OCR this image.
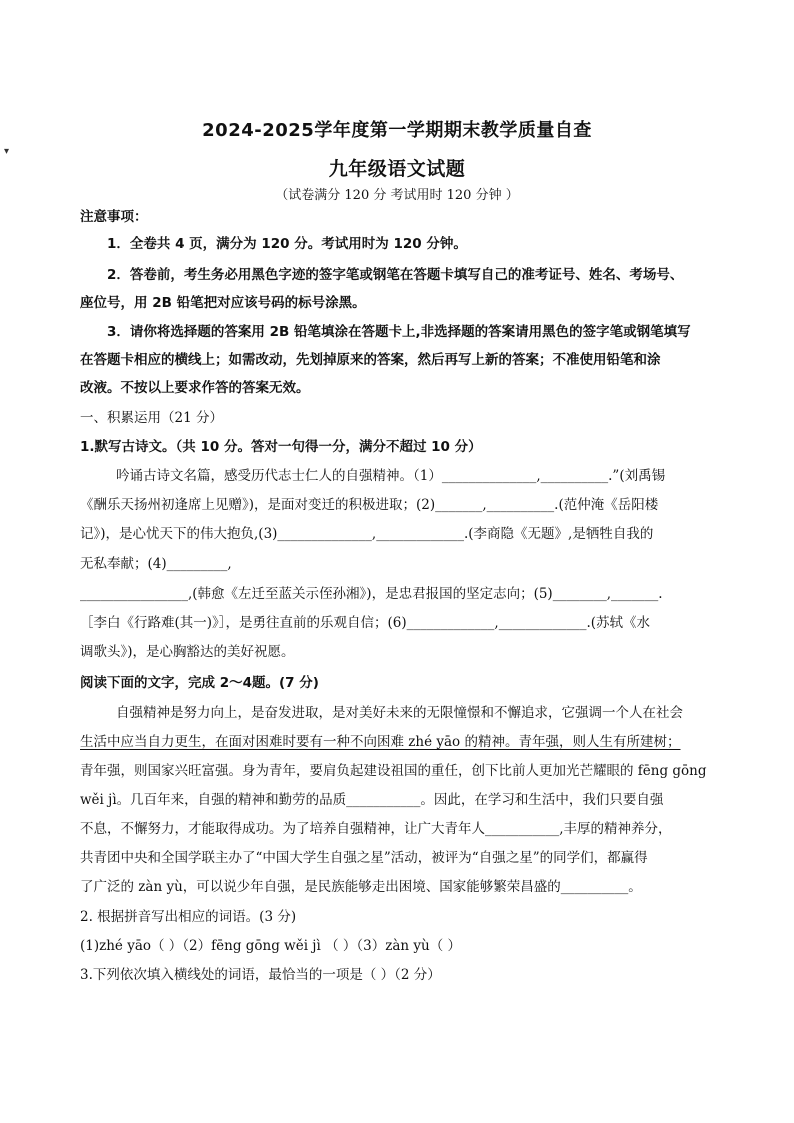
▾
2024-2025学年度第一学期期末教学质量自查
九年级语文试题
（试卷满分 120 分 考试用时 120 分钟 ）
注意事项：
1．全卷共 4 页，满分为 120 分。考试用时为 120 分钟。
2．答卷前，考生务必用黑色字迹的签字笔或钢笔在答题卡填写自己的准考证号、姓名、考场号、
座位号，用 2B 铅笔把对应该号码的标号涂黑。
3．请你将选择题的答案用 2B 铅笔填涂在答题卡上,非选择题的答案请用黑色的签字笔或钢笔填写
在答题卡相应的横线上；如需改动，先划掉原来的答案，然后再写上新的答案；不准使用铅笔和涂
改液。不按以上要求作答的答案无效。
一、积累运用（21 分）
1.默写古诗文。（共 10 分。答对一句得一分，满分不超过 10 分）
吟诵古诗文名篇，感受历代志士仁人的自强精神。（1）______________,__________.”(刘禹锡
《酬乐天扬州初逢席上见赠》)，是面对变迁的积极进取；(2)_______,__________.(范仲淹《岳阳楼
记》)，是心忧天下的伟大抱负,(3)______________,_____________.(李商隐《无题》,是牺牲自我的
无私奉献；(4)_________,
________________,(韩愈《左迁至蓝关示侄孙湘》)，是忠君报国的坚定志向；(5)________,_______.
［李白《行路难(其一)》］，是勇往直前的乐观自信；(6)_____________,_____________.(苏轼《水
调歌头》)，是心胸豁达的美好祝愿。
阅读下面的文字，完成 2～4题。(7 分)
自强精神是努力向上，是奋发进取，是对美好未来的无限憧憬和不懈追求，它强调一个人在社会
生活中应当自力更生，在面对困难时要有一种不向困难 zhé yāo 的精神。青年强，则人生有所建树；
青年强，则国家兴旺富强。身为青年，要肩负起建设祖国的重任，创下比前人更加光芒耀眼的 fēng gōng
wěi jì。几百年来，自强的精神和勤劳的品质___________。因此，在学习和生活中，我们只要自强
不息，不懈努力，才能取得成功。为了培养自强精神，让广大青年人___________,丰厚的精神养分，
共青团中央和全国学联主办了“中国大学生自强之星”活动，被评为“自强之星”的同学们，都赢得
了广泛的 zàn yù，可以说少年自强，是民族能够走出困境、国家能够繁荣昌盛的__________。
2. 根据拼音写出相应的词语。(3 分)
(1)zhé yāo（ ）（2）fēng gōng wěi jì （ ）（3）zàn yù（ ）
3.下列依次填入横线处的词语，最恰当的一项是（ ）（2 分）
